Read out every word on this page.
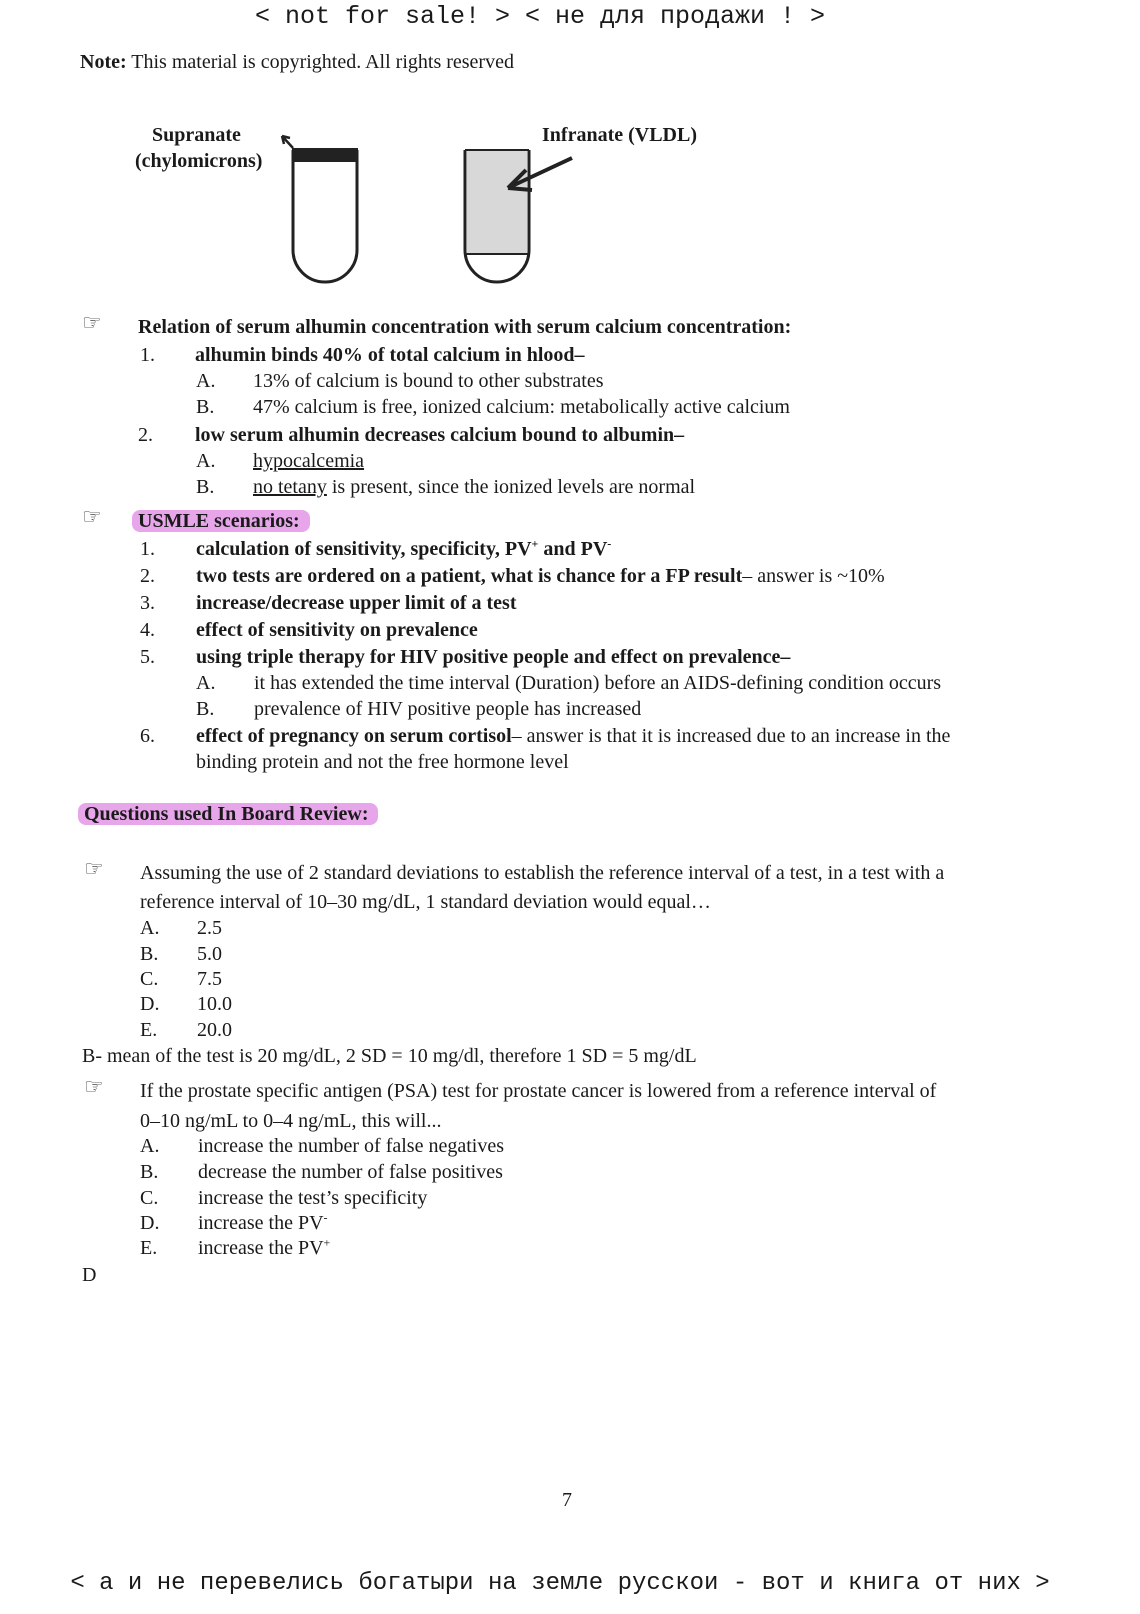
< not for sale! > < не для продажи ! >
Note: This material is copyrighted. All rights reserved
Supranate
(chylomicrons)
Infranate (VLDL)
☞ Relation of serum alhumin concentration with serum calcium concentration:
1. alhumin binds 40% of total calcium in hlood–
A. 13% of calcium is bound to other substrates
B. 47% calcium is free, ionized calcium: metabolically active calcium
2. low serum alhumin decreases calcium bound to albumin–
A. hypocalcemia
B. no tetany is present, since the ionized levels are normal
☞	USMLE scenarios:
1. calculation of sensitivity, specificity, PV+ and PV-
2. two tests are ordered on a patient, what is chance for a FP result– answer is ~10%
3. increase/decrease upper limit of a test
4. effect of sensitivity on prevalence
5. using triple therapy for HIV positive people and effect on prevalence–
A. it has extended the time interval (Duration) before an AIDS-defining condition occurs
B. prevalence of HIV positive people has increased
6. effect of pregnancy on serum cortisol– answer is that it is increased due to an increase in the
binding protein and not the free hormone level
Questions used In Board Review:
☞ Assuming the use of 2 standard deviations to establish the reference interval of a test, in a test with a
reference interval of 10–30 mg/dL, 1 standard deviation would equal…
A. 2.5
B. 5.0
C. 7.5
D. 10.0
E. 20.0
B- mean of the test is 20 mg/dL, 2 SD = 10 mg/dl, therefore 1 SD = 5 mg/dL
☞ If the prostate specific antigen (PSA) test for prostate cancer is lowered from a reference interval of
0–10 ng/mL to 0–4 ng/mL, this will...
A. increase the number of false negatives
B. decrease the number of false positives
C. increase the test’s specificity
D. increase the PV-
E. increase the PV+
D
7
< а и не перевелись богатыри на земле русскои - вот и книга от них >
